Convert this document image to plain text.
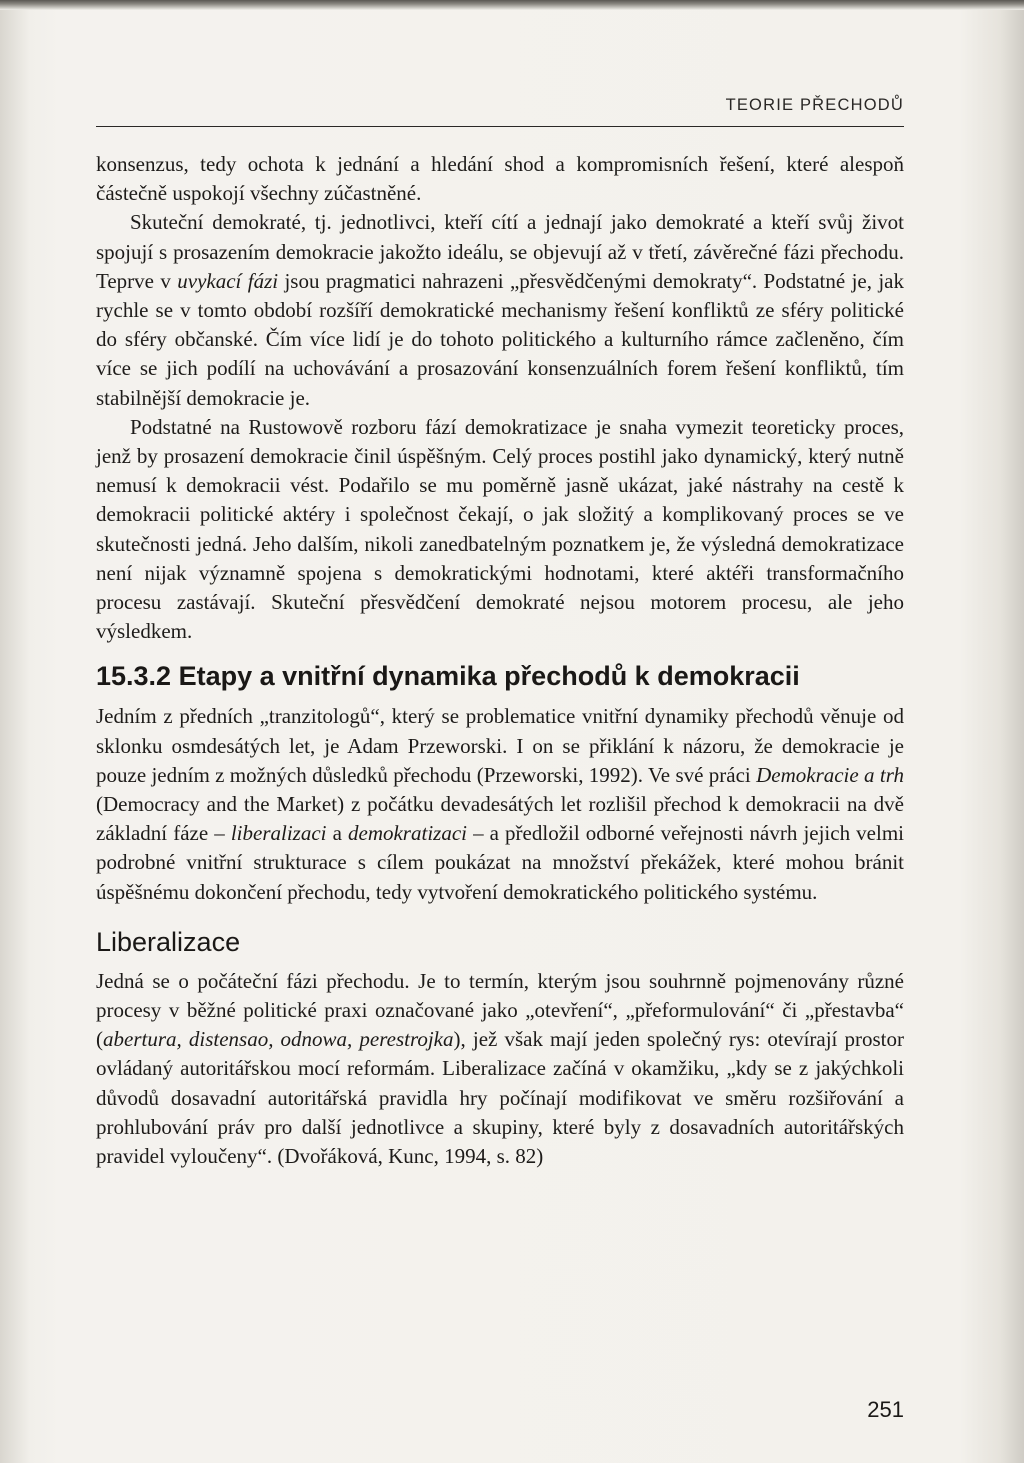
TEORIE PŘECHODŮ

konsenzus, tedy ochota k jednání a hledání shod a kompromisních řešení, které alespoň částečně uspokojí všechny zúčastněné.

Skuteční demokraté, tj. jednotlivci, kteří cítí a jednají jako demokraté a kteří svůj život spojují s prosazením demokracie jakožto ideálu, se objevují až v třetí, závěrečné fázi přechodu. Teprve v uvykací fázi jsou pragmatici nahrazeni „přesvědčenými demokraty“. Podstatné je, jak rychle se v tomto období rozšíří demokratické mechanismy řešení konfliktů ze sféry politické do sféry občanské. Čím více lidí je do tohoto politického a kulturního rámce začleněno, čím více se jich podílí na uchovávání a prosazování konsenzuálních forem řešení konfliktů, tím stabilnější demokracie je.

Podstatné na Rustowově rozboru fází demokratizace je snaha vymezit teoreticky proces, jenž by prosazení demokracie činil úspěšným. Celý proces postihl jako dynamický, který nutně nemusí k demokracii vést. Podařilo se mu poměrně jasně ukázat, jaké nástrahy na cestě k demokracii politické aktéry i společnost čekají, o jak složitý a komplikovaný proces se ve skutečnosti jedná. Jeho dalším, nikoli zanedbatelným poznatkem je, že výsledná demokratizace není nijak významně spojena s demokratickými hodnotami, které aktéři transformačního procesu zastávají. Skuteční přesvědčení demokraté nejsou motorem procesu, ale jeho výsledkem.

15.3.2 Etapy a vnitřní dynamika přechodů k demokracii

Jedním z předních „tranzitologů“, který se problematice vnitřní dynamiky přechodů věnuje od sklonku osmdesátých let, je Adam Przeworski. I on se přiklání k názoru, že demokracie je pouze jedním z možných důsledků přechodu (Przeworski, 1992). Ve své práci Demokracie a trh (Democracy and the Market) z počátku devadesátých let rozlišil přechod k demokracii na dvě základní fáze – liberalizaci a demokratizaci – a předložil odborné veřejnosti návrh jejich velmi podrobné vnitřní strukturace s cílem poukázat na množství překážek, které mohou bránit úspěšnému dokončení přechodu, tedy vytvoření demokratického politického systému.

Liberalizace

Jedná se o počáteční fázi přechodu. Je to termín, kterým jsou souhrnně pojmenovány různé procesy v běžné politické praxi označované jako „otevření“, „přeformulování“ či „přestavba“ (abertura, distensao, odnowa, perestrojka), jež však mají jeden společný rys: otevírají prostor ovládaný autoritářskou mocí reformám. Liberalizace začíná v okamžiku, „kdy se z jakýchkoli důvodů dosavadní autoritářská pravidla hry počínají modifikovat ve směru rozšiřování a prohlubování práv pro další jednotlivce a skupiny, které byly z dosavadních autoritářských pravidel vyloučeny“. (Dvořáková, Kunc, 1994, s. 82)

251
